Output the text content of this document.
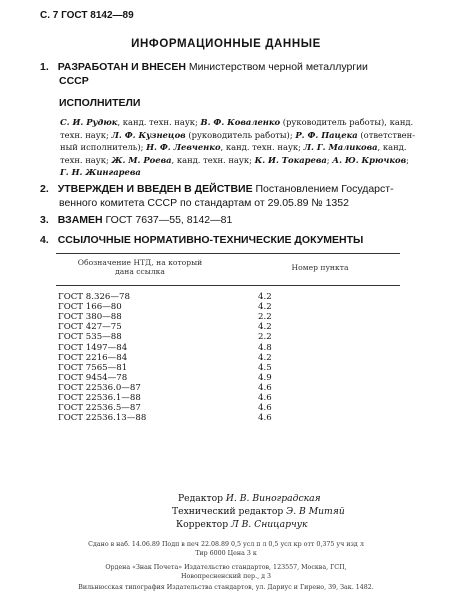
С. 7 ГОСТ 8142—89
ИНФОРМАЦИОННЫЕ ДАННЫЕ
1. РАЗРАБОТАН И ВНЕСЕН Министерством черной металлургии
СССР
ИСПОЛНИТЕЛИ
С. И. Рудюк, канд. техн. наук; В. Ф. Коваленко (руководитель работы), канд.
техн. наук; Л. Ф. Кузнецов (руководитель работы); Р. Ф. Пацека (ответствен-
ный исполнитель); Н. Ф. Левченко, канд. техн. наук; Л. Г. Маликова, канд.
техн. наук; Ж. М. Роева, канд. техн. наук; К. И. Токарева; А. Ю. Крючков;
Г. Н. Жингарева
2. УТВЕРЖДЕН И ВВЕДЕН В ДЕЙСТВИЕ Постановлением Государст-
венного комитета СССР по стандартам от 29.05.89 № 1352
3. ВЗАМЕН ГОСТ 7637—55, 8142—81
4. ССЫЛОЧНЫЕ НОРМАТИВНО-ТЕХНИЧЕСКИЕ ДОКУМЕНТЫ
Обозначение НТД, на который
дана ссылка	Номер пункта
ГОСТ 8.326—78	4.2
ГОСТ 166—80	4.2
ГОСТ 380—88	2.2
ГОСТ 427—75	4.2
ГОСТ 535—88	2.2
ГОСТ 1497—84	4.8
ГОСТ 2216—84	4.2
ГОСТ 7565—81	4.5
ГОСТ 9454—78	4.9
ГОСТ 22536.0—87	4.6
ГОСТ 22536.1—88	4.6
ГОСТ 22536.5—87	4.6
ГОСТ 22536.13—88	4.6
Редактор И. В. Виноградская
Технический редактор Э. В Митяй
Корректор Л В. Сницарчук
Сдано в наб. 14.06.89 Подп в печ 22.08.89 0,5 усл п л 0,5 усл кр отт 0,375 уч изд л
Тир 6000 Цена 3 к
Ордена «Знак Почета» Издательство стандартов, 123557, Москва, ГСП,
Новопресненский пер., д 3
Вильнюсская типография Издательства стандартов, ул. Дариус и Гирено, 39, Зак. 1482.
